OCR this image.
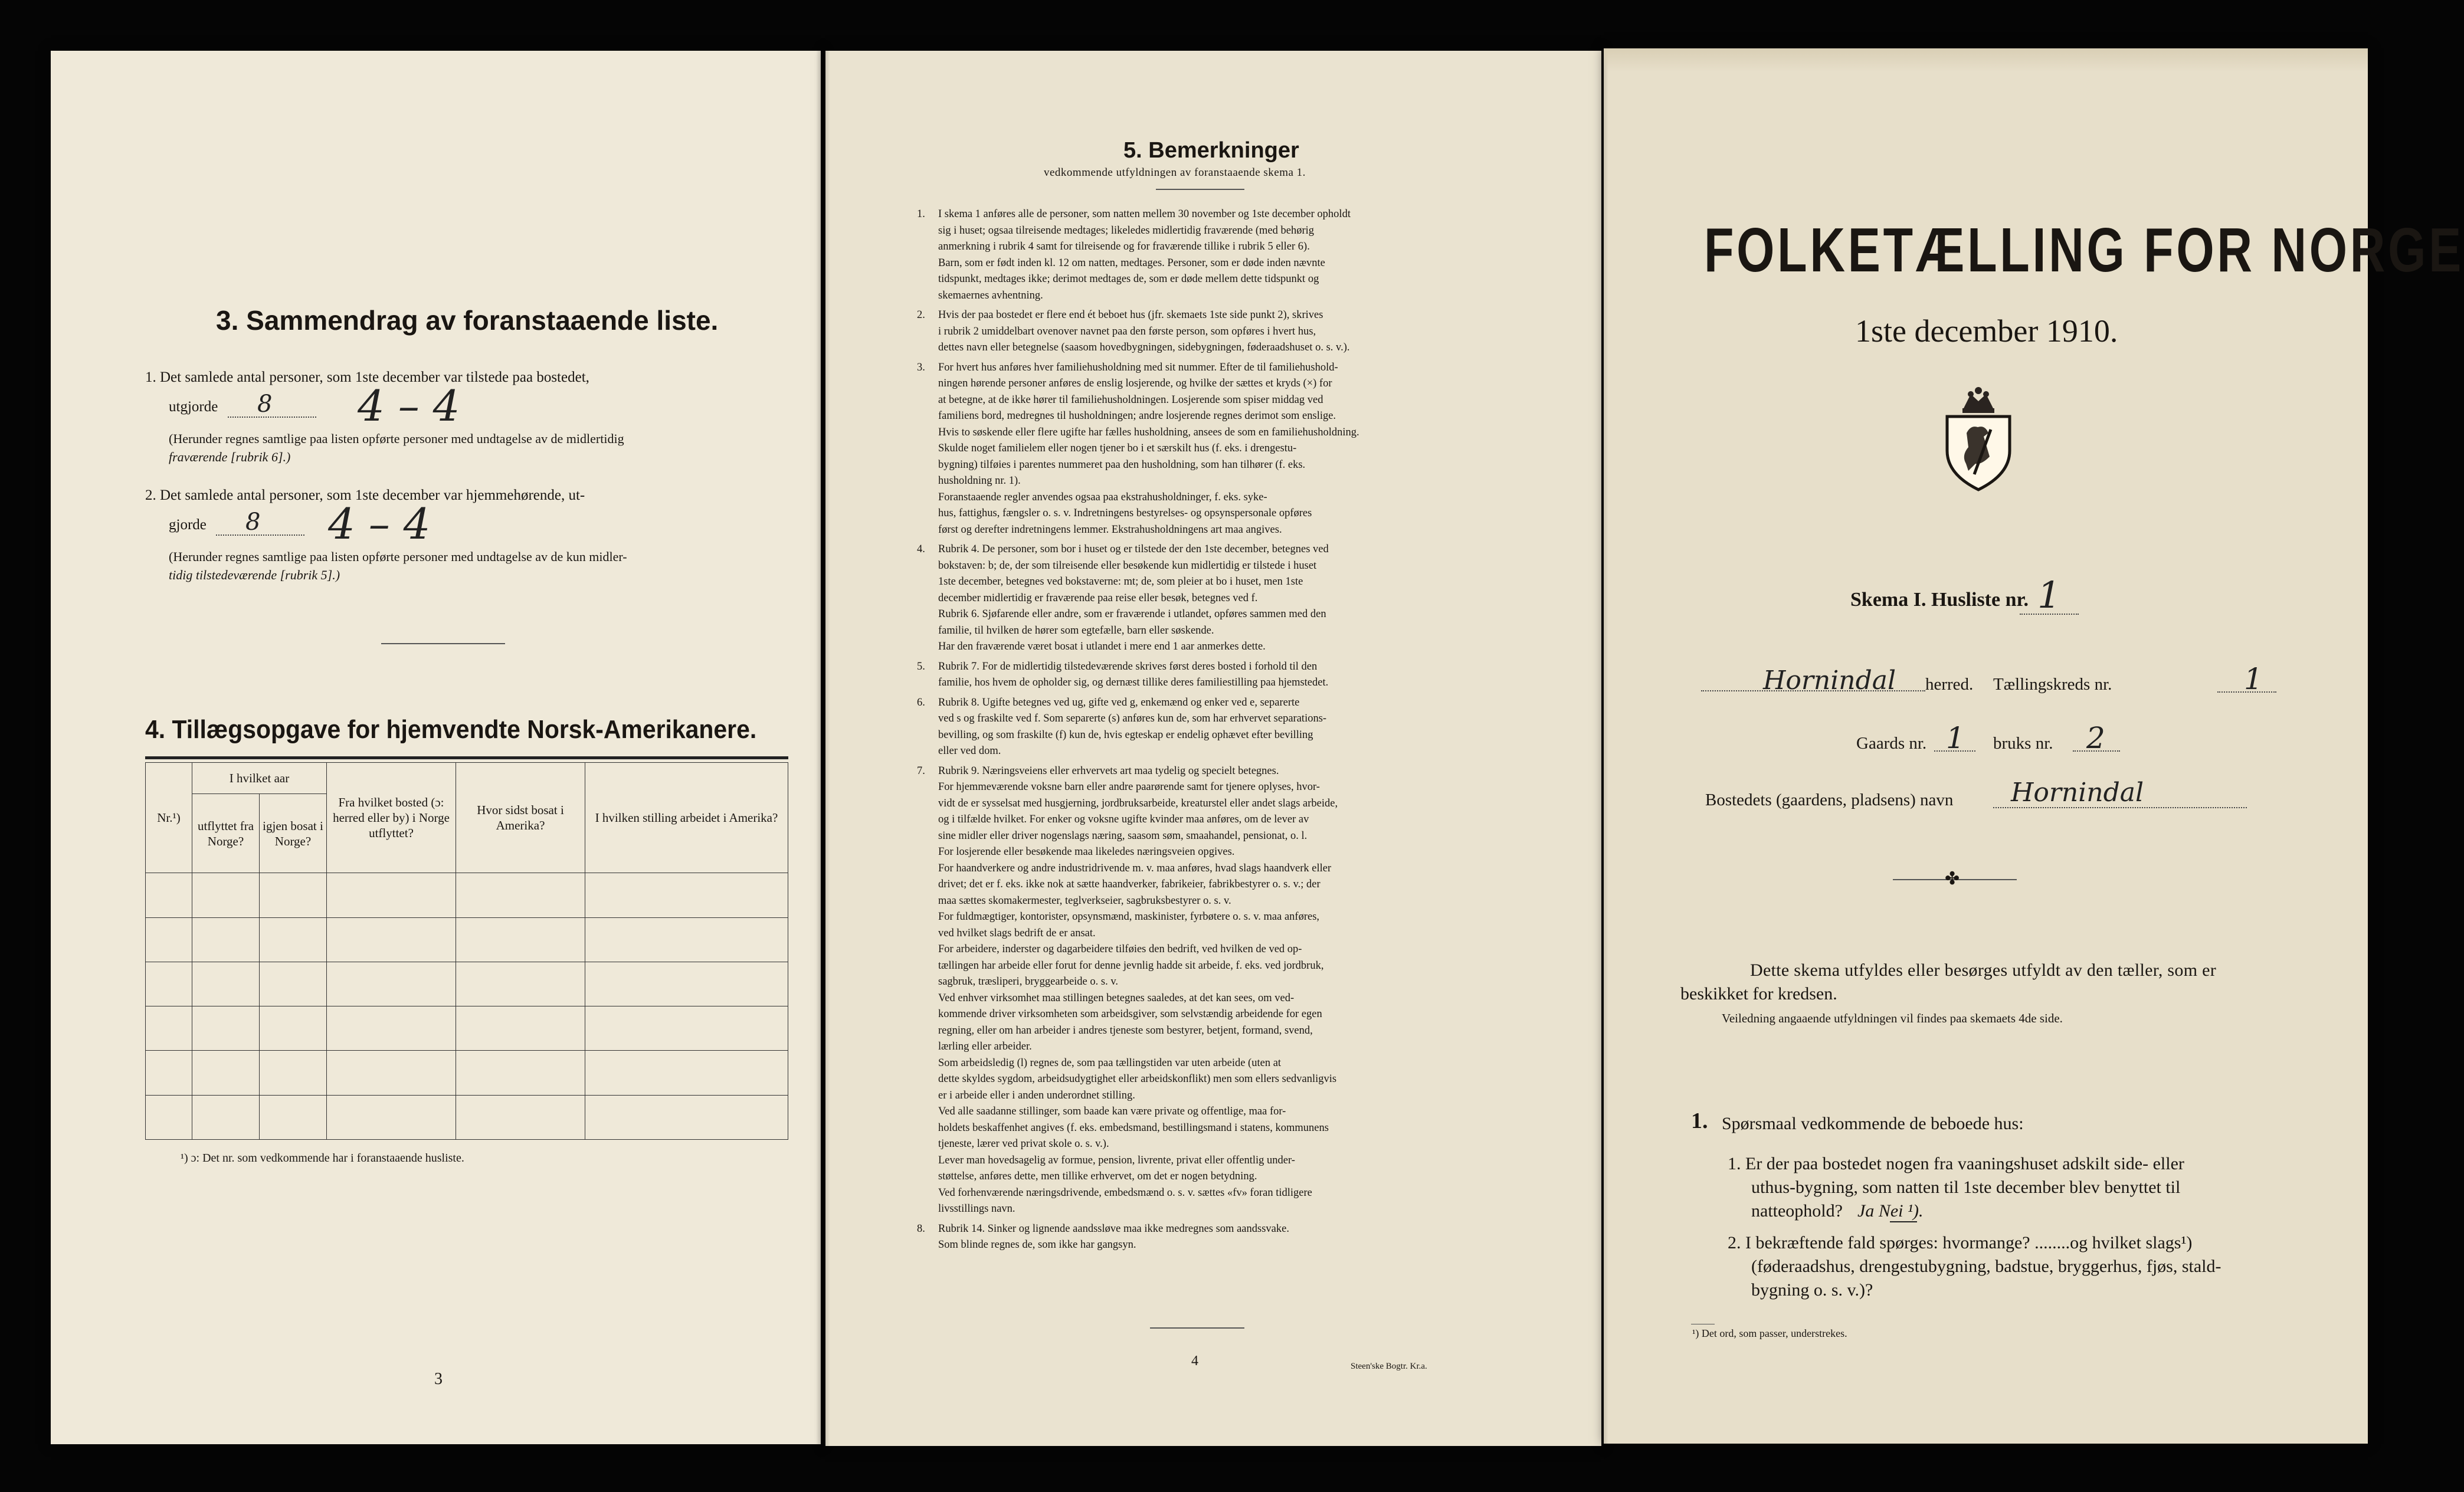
3. Sammendrag av foranstaaende liste.
1. Det samlede antal personer, som 1ste december var tilstede paa bostedet,
utgjorde 8 4 – 4
(Herunder regnes samtlige paa listen opførte personer med undtagelse av de midlertidig
fraværende [rubrik 6].)
2. Det samlede antal personer, som 1ste december var hjemmehørende, ut-
gjorde 8 4 – 4
(Herunder regnes samtlige paa listen opførte personer med undtagelse av de kun midler-
tidig tilstedeværende [rubrik 5].)
4. Tillægsopgave for hjemvendte Norsk-Amerikanere.
Nr.¹)	I hvilket aar		Fra hvilket bosted (ɔ: herred eller by) i Norge utflyttet?	Hvor sidst bosat i Amerika?	I hvilken stilling arbeidet i Amerika?
	utflyttet fra Norge?	igjen bosat i Norge?			

¹) ɔ: Det nr. som vedkommende har i foranstaaende husliste.
3
5. Bemerkninger
vedkommende utfyldningen av foranstaaende skema 1.

1. I skema 1 anføres alle de personer, som natten mellem 30 november og 1ste december opholdt

sig i huset; ogsaa tilreisende medtages; likeledes midlertidig fraværende (med behørig

anmerkning i rubrik 4 samt for tilreisende og for fraværende tillike i rubrik 5 eller 6).

Barn, som er født inden kl. 12 om natten, medtages. Personer, som er døde inden nævnte

tidspunkt, medtages ikke; derimot medtages de, som er døde mellem dette tidspunkt og

skemaernes avhentning.

2. Hvis der paa bostedet er flere end ét beboet hus (jfr. skemaets 1ste side punkt 2), skrives

i rubrik 2 umiddelbart ovenover navnet paa den første person, som opføres i hvert hus,

dettes navn eller betegnelse (saasom hovedbygningen, sidebygningen, føderaadshuset o. s. v.).

3. For hvert hus anføres hver familiehusholdning med sit nummer. Efter de til familiehushold-

ningen hørende personer anføres de enslig losjerende, og hvilke der sættes et kryds (×) for

at betegne, at de ikke hører til familiehusholdningen. Losjerende som spiser middag ved

familiens bord, medregnes til husholdningen; andre losjerende regnes derimot som enslige.

Hvis to søskende eller flere ugifte har fælles husholdning, ansees de som en familiehusholdning.

Skulde noget familielem eller nogen tjener bo i et særskilt hus (f. eks. i drengestu-

bygning) tilføies i parentes nummeret paa den husholdning, som han tilhører (f. eks.

husholdning nr. 1).

Foranstaaende regler anvendes ogsaa paa ekstrahusholdninger, f. eks. syke-

hus, fattighus, fængsler o. s. v. Indretningens bestyrelses- og opsynspersonale opføres

først og derefter indretningens lemmer. Ekstrahusholdningens art maa angives.

4. Rubrik 4. De personer, som bor i huset og er tilstede der den 1ste december, betegnes ved

bokstaven: b; de, der som tilreisende eller besøkende kun midlertidig er tilstede i huset

1ste december, betegnes ved bokstaverne: mt; de, som pleier at bo i huset, men 1ste

december midlertidig er fraværende paa reise eller besøk, betegnes ved f.

Rubrik 6. Sjøfarende eller andre, som er fraværende i utlandet, opføres sammen med den

familie, til hvilken de hører som egtefælle, barn eller søskende.

Har den fraværende været bosat i utlandet i mere end 1 aar anmerkes dette.

5. Rubrik 7. For de midlertidig tilstedeværende skrives først deres bosted i forhold til den

familie, hos hvem de opholder sig, og dernæst tillike deres familiestilling paa hjemstedet.

6. Rubrik 8. Ugifte betegnes ved ug, gifte ved g, enkemænd og enker ved e, separerte

ved s og fraskilte ved f. Som separerte (s) anføres kun de, som har erhvervet separations-

bevilling, og som fraskilte (f) kun de, hvis egteskap er endelig ophævet efter bevilling

eller ved dom.

7. Rubrik 9. Næringsveiens eller erhvervets art maa tydelig og specielt betegnes.

For hjemmeværende voksne barn eller andre paarørende samt for tjenere oplyses, hvor-

vidt de er sysselsat med husgjerning, jordbruksarbeide, kreaturstel eller andet slags arbeide,

og i tilfælde hvilket. For enker og voksne ugifte kvinder maa anføres, om de lever av

sine midler eller driver nogenslags næring, saasom søm, smaahandel, pensionat, o. l.

For losjerende eller besøkende maa likeledes næringsveien opgives.

For haandverkere og andre industridrivende m. v. maa anføres, hvad slags haandverk eller

drivet; det er f. eks. ikke nok at sætte haandverker, fabrikeier, fabrikbestyrer o. s. v.; der

maa sættes skomakermester, teglverkseier, sagbruksbestyrer o. s. v.

For fuldmægtiger, kontorister, opsynsmænd, maskinister, fyrbøtere o. s. v. maa anføres,

ved hvilket slags bedrift de er ansat.

For arbeidere, inderster og dagarbeidere tilføies den bedrift, ved hvilken de ved op-

tællingen har arbeide eller forut for denne jevnlig hadde sit arbeide, f. eks. ved jordbruk,

sagbruk, træsliperi, bryggearbeide o. s. v.

Ved enhver virksomhet maa stillingen betegnes saaledes, at det kan sees, om ved-

kommende driver virksomheten som arbeidsgiver, som selvstændig arbeidende for egen

regning, eller om han arbeider i andres tjeneste som bestyrer, betjent, formand, svend,

lærling eller arbeider.

Som arbeidsledig (l) regnes de, som paa tællingstiden var uten arbeide (uten at

dette skyldes sygdom, arbeidsudygtighet eller arbeidskonflikt) men som ellers sedvanligvis

er i arbeide eller i anden underordnet stilling.

Ved alle saadanne stillinger, som baade kan være private og offentlige, maa for-

holdets beskaffenhet angives (f. eks. embedsmand, bestillingsmand i statens, kommunens

tjeneste, lærer ved privat skole o. s. v.).

Lever man hovedsagelig av formue, pension, livrente, privat eller offentlig under-

støttelse, anføres dette, men tillike erhvervet, om det er nogen betydning.

Ved forhenværende næringsdrivende, embedsmænd o. s. v. sættes «fv» foran tidligere

livsstillings navn.

8. Rubrik 14. Sinker og lignende aandssløve maa ikke medregnes som aandssvake.

Som blinde regnes de, som ikke har gangsyn.

4	Steen'ske Bogtr. Kr.a.
FOLKETÆLLING FOR NORGE
1ste december 1910.
Skema I. Husliste nr. 1
Hornindal herred. Tællingskreds nr.	1
Gaards nr. 1 bruks nr. 2
Bostedets (gaardens, pladsens) navn Hornindal
✤
Dette skema utfyldes eller besørges utfyldt av den tæller, som er
beskikket for kredsen.
Veiledning angaaende utfyldningen vil findes paa skemaets 4de side.
1. Spørsmaal vedkommende de beboede hus:
1. Er der paa bostedet nogen fra vaaningshuset adskilt side- eller
uthus-bygning, som natten til 1ste december blev benyttet til
natteophold? Ja Nei ¹).
2. I bekræftende fald spørges: hvormange? ........og hvilket slags¹)
(føderaadshus, drengestubygning, badstue, bryggerhus, fjøs, stald-
bygning o. s. v.)?
¹) Det ord, som passer, understrekes.
